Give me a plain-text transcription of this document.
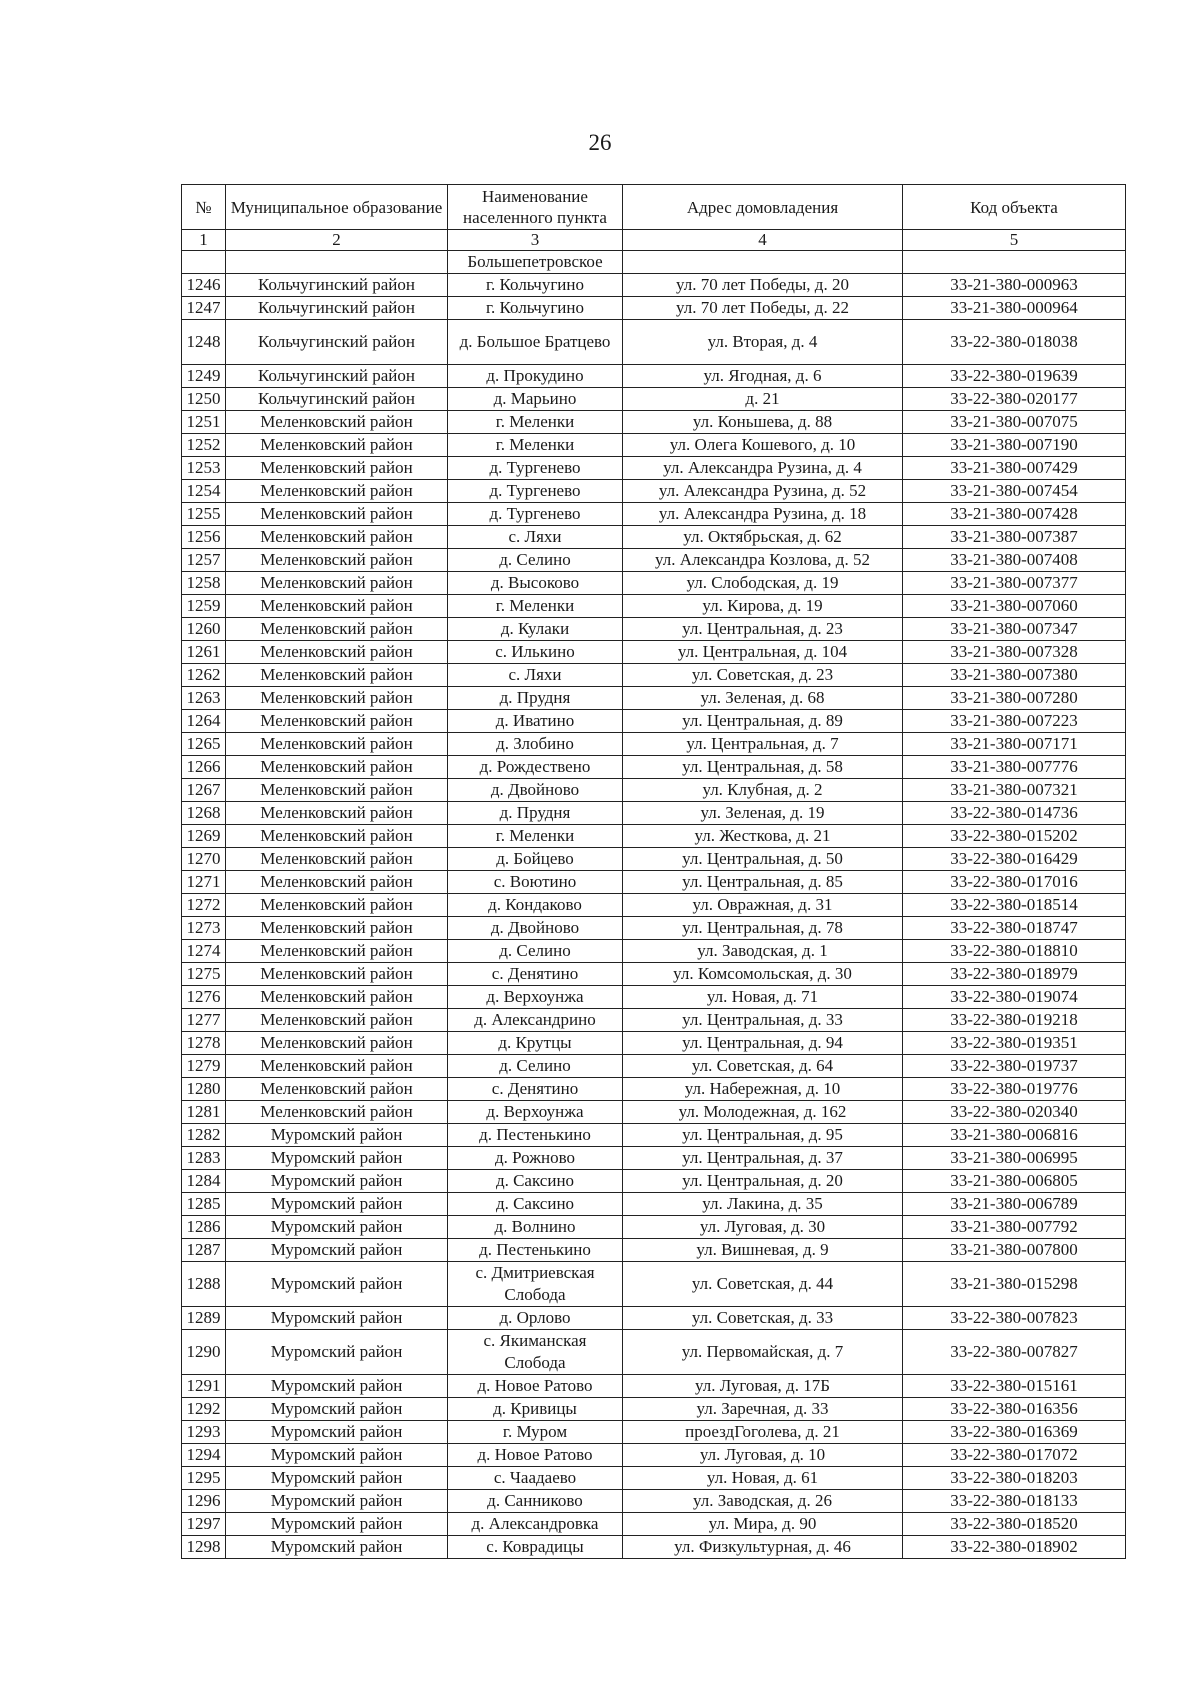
26
№	Муниципальное образование	Наименование населенного пункта	Адрес домовладения	Код объекта
1	2	3	4	5
		Большепетровское		
1246	Кольчугинский район	г. Кольчугино	ул. 70 лет Победы, д. 20	33-21-380-000963
1247	Кольчугинский район	г. Кольчугино	ул. 70 лет Победы, д. 22	33-21-380-000964
1248	Кольчугинский район	д. Большое Братцево	ул. Вторая, д. 4	33-22-380-018038
1249	Кольчугинский район	д. Прокудино	ул. Ягодная, д. 6	33-22-380-019639
1250	Кольчугинский район	д. Марьино	д. 21	33-22-380-020177
1251	Меленковский район	г. Меленки	ул. Коньшева, д. 88	33-21-380-007075
1252	Меленковский район	г. Меленки	ул. Олега Кошевого, д. 10	33-21-380-007190
1253	Меленковский район	д. Тургенево	ул. Александра Рузина, д. 4	33-21-380-007429
1254	Меленковский район	д. Тургенево	ул. Александра Рузина, д. 52	33-21-380-007454
1255	Меленковский район	д. Тургенево	ул. Александра Рузина, д. 18	33-21-380-007428
1256	Меленковский район	с. Ляхи	ул. Октябрьская, д. 62	33-21-380-007387
1257	Меленковский район	д. Селино	ул. Александра Козлова, д. 52	33-21-380-007408
1258	Меленковский район	д. Высоково	ул. Слободская, д. 19	33-21-380-007377
1259	Меленковский район	г. Меленки	ул. Кирова, д. 19	33-21-380-007060
1260	Меленковский район	д. Кулаки	ул. Центральная, д. 23	33-21-380-007347
1261	Меленковский район	с. Илькино	ул. Центральная, д. 104	33-21-380-007328
1262	Меленковский район	с. Ляхи	ул. Советская, д. 23	33-21-380-007380
1263	Меленковский район	д. Прудня	ул. Зеленая, д. 68	33-21-380-007280
1264	Меленковский район	д. Иватино	ул. Центральная, д. 89	33-21-380-007223
1265	Меленковский район	д. Злобино	ул. Центральная, д. 7	33-21-380-007171
1266	Меленковский район	д. Рождествено	ул. Центральная, д. 58	33-21-380-007776
1267	Меленковский район	д. Двойново	ул. Клубная, д. 2	33-21-380-007321
1268	Меленковский район	д. Прудня	ул. Зеленая, д. 19	33-22-380-014736
1269	Меленковский район	г. Меленки	ул. Жесткова, д. 21	33-22-380-015202
1270	Меленковский район	д. Бойцево	ул. Центральная, д. 50	33-22-380-016429
1271	Меленковский район	с. Воютино	ул. Центральная, д. 85	33-22-380-017016
1272	Меленковский район	д. Кондаково	ул. Овражная, д. 31	33-22-380-018514
1273	Меленковский район	д. Двойново	ул. Центральная, д. 78	33-22-380-018747
1274	Меленковский район	д. Селино	ул. Заводская, д. 1	33-22-380-018810
1275	Меленковский район	с. Денятино	ул. Комсомольская, д. 30	33-22-380-018979
1276	Меленковский район	д. Верхоунжа	ул. Новая, д. 71	33-22-380-019074
1277	Меленковский район	д. Александрино	ул. Центральная, д. 33	33-22-380-019218
1278	Меленковский район	д. Крутцы	ул. Центральная, д. 94	33-22-380-019351
1279	Меленковский район	д. Селино	ул. Советская, д. 64	33-22-380-019737
1280	Меленковский район	с. Денятино	ул. Набережная, д. 10	33-22-380-019776
1281	Меленковский район	д. Верхоунжа	ул. Молодежная, д. 162	33-22-380-020340
1282	Муромский район	д. Пестенькино	ул. Центральная, д. 95	33-21-380-006816
1283	Муромский район	д. Рожново	ул. Центральная, д. 37	33-21-380-006995
1284	Муромский район	д. Саксино	ул. Центральная, д. 20	33-21-380-006805
1285	Муромский район	д. Саксино	ул. Лакина, д. 35	33-21-380-006789
1286	Муромский район	д. Волнино	ул. Луговая, д. 30	33-21-380-007792
1287	Муромский район	д. Пестенькино	ул. Вишневая, д. 9	33-21-380-007800
1288	Муромский район	с. Дмитриевская Слобода	ул. Советская, д. 44	33-21-380-015298
1289	Муромский район	д. Орлово	ул. Советская, д. 33	33-22-380-007823
1290	Муромский район	с. Якиманская Слобода	ул. Первомайская, д. 7	33-22-380-007827
1291	Муромский район	д. Новое Ратово	ул. Луговая, д. 17Б	33-22-380-015161
1292	Муромский район	д. Кривицы	ул. Заречная, д. 33	33-22-380-016356
1293	Муромский район	г. Муром	проездГоголева, д. 21	33-22-380-016369
1294	Муромский район	д. Новое Ратово	ул. Луговая, д. 10	33-22-380-017072
1295	Муромский район	с. Чаадаево	ул. Новая, д. 61	33-22-380-018203
1296	Муромский район	д. Санниково	ул. Заводская, д. 26	33-22-380-018133
1297	Муромский район	д. Александровка	ул. Мира, д. 90	33-22-380-018520
1298	Муромский район	с. Коврадицы	ул. Физкультурная, д. 46	33-22-380-018902
